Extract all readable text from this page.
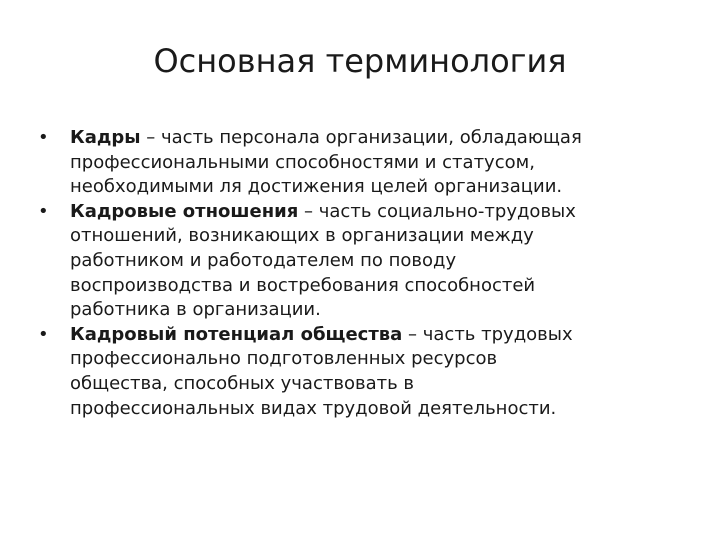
Основная терминология
• Кадры – часть персонала организации, обладающая
профессиональными способностями и статусом,
необходимыми ля достижения целей организации.
• Кадровые отношения – часть социально-трудовых
отношений, возникающих в организации между
работником и работодателем по поводу
воспроизводства и востребования способностей
работника в организации.
• Кадровый потенциал общества – часть трудовых
профессионально подготовленных ресурсов
общества, способных участвовать в
профессиональных видах трудовой деятельности.
